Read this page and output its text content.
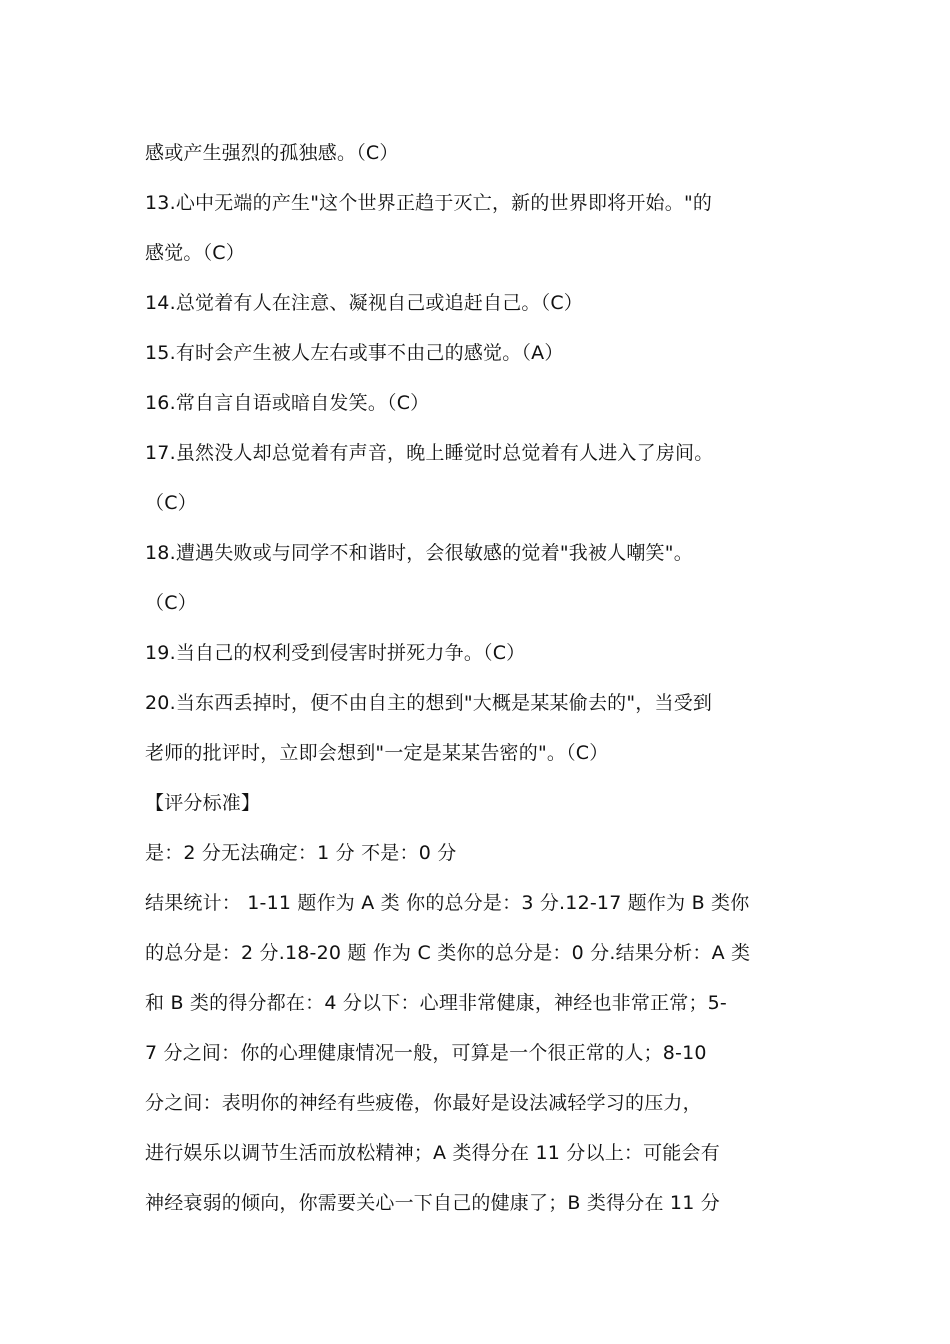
感或产生强烈的孤独感。（C）
13.心中无端的产生"这个世界正趋于灭亡，新的世界即将开始。"的
感觉。（C）
14.总觉着有人在注意、凝视自己或追赶自己。（C）
15.有时会产生被人左右或事不由己的感觉。（A）
16.常自言自语或暗自发笑。（C）
17.虽然没人却总觉着有声音，晚上睡觉时总觉着有人进入了房间。
（C）
18.遭遇失败或与同学不和谐时，会很敏感的觉着"我被人嘲笑"。
（C）
19.当自己的权利受到侵害时拼死力争。（C）
20.当东西丢掉时，便不由自主的想到"大概是某某偷去的"，当受到
老师的批评时，立即会想到"一定是某某告密的"。（C）
【评分标准】
是：2 分无法确定：1 分 不是：0 分
结果统计： 1-11 题作为 A 类 你的总分是：3 分.12-17 题作为 B 类你
的总分是：2 分.18-20 题 作为 C 类你的总分是：0 分.结果分析：A 类
和 B 类的得分都在：4 分以下：心理非常健康，神经也非常正常；5-
7 分之间：你的心理健康情况一般，可算是一个很正常的人；8-10
分之间：表明你的神经有些疲倦，你最好是设法减轻学习的压力，
进行娱乐以调节生活而放松精神；A 类得分在 11 分以上：可能会有
神经衰弱的倾向，你需要关心一下自己的健康了；B 类得分在 11 分
